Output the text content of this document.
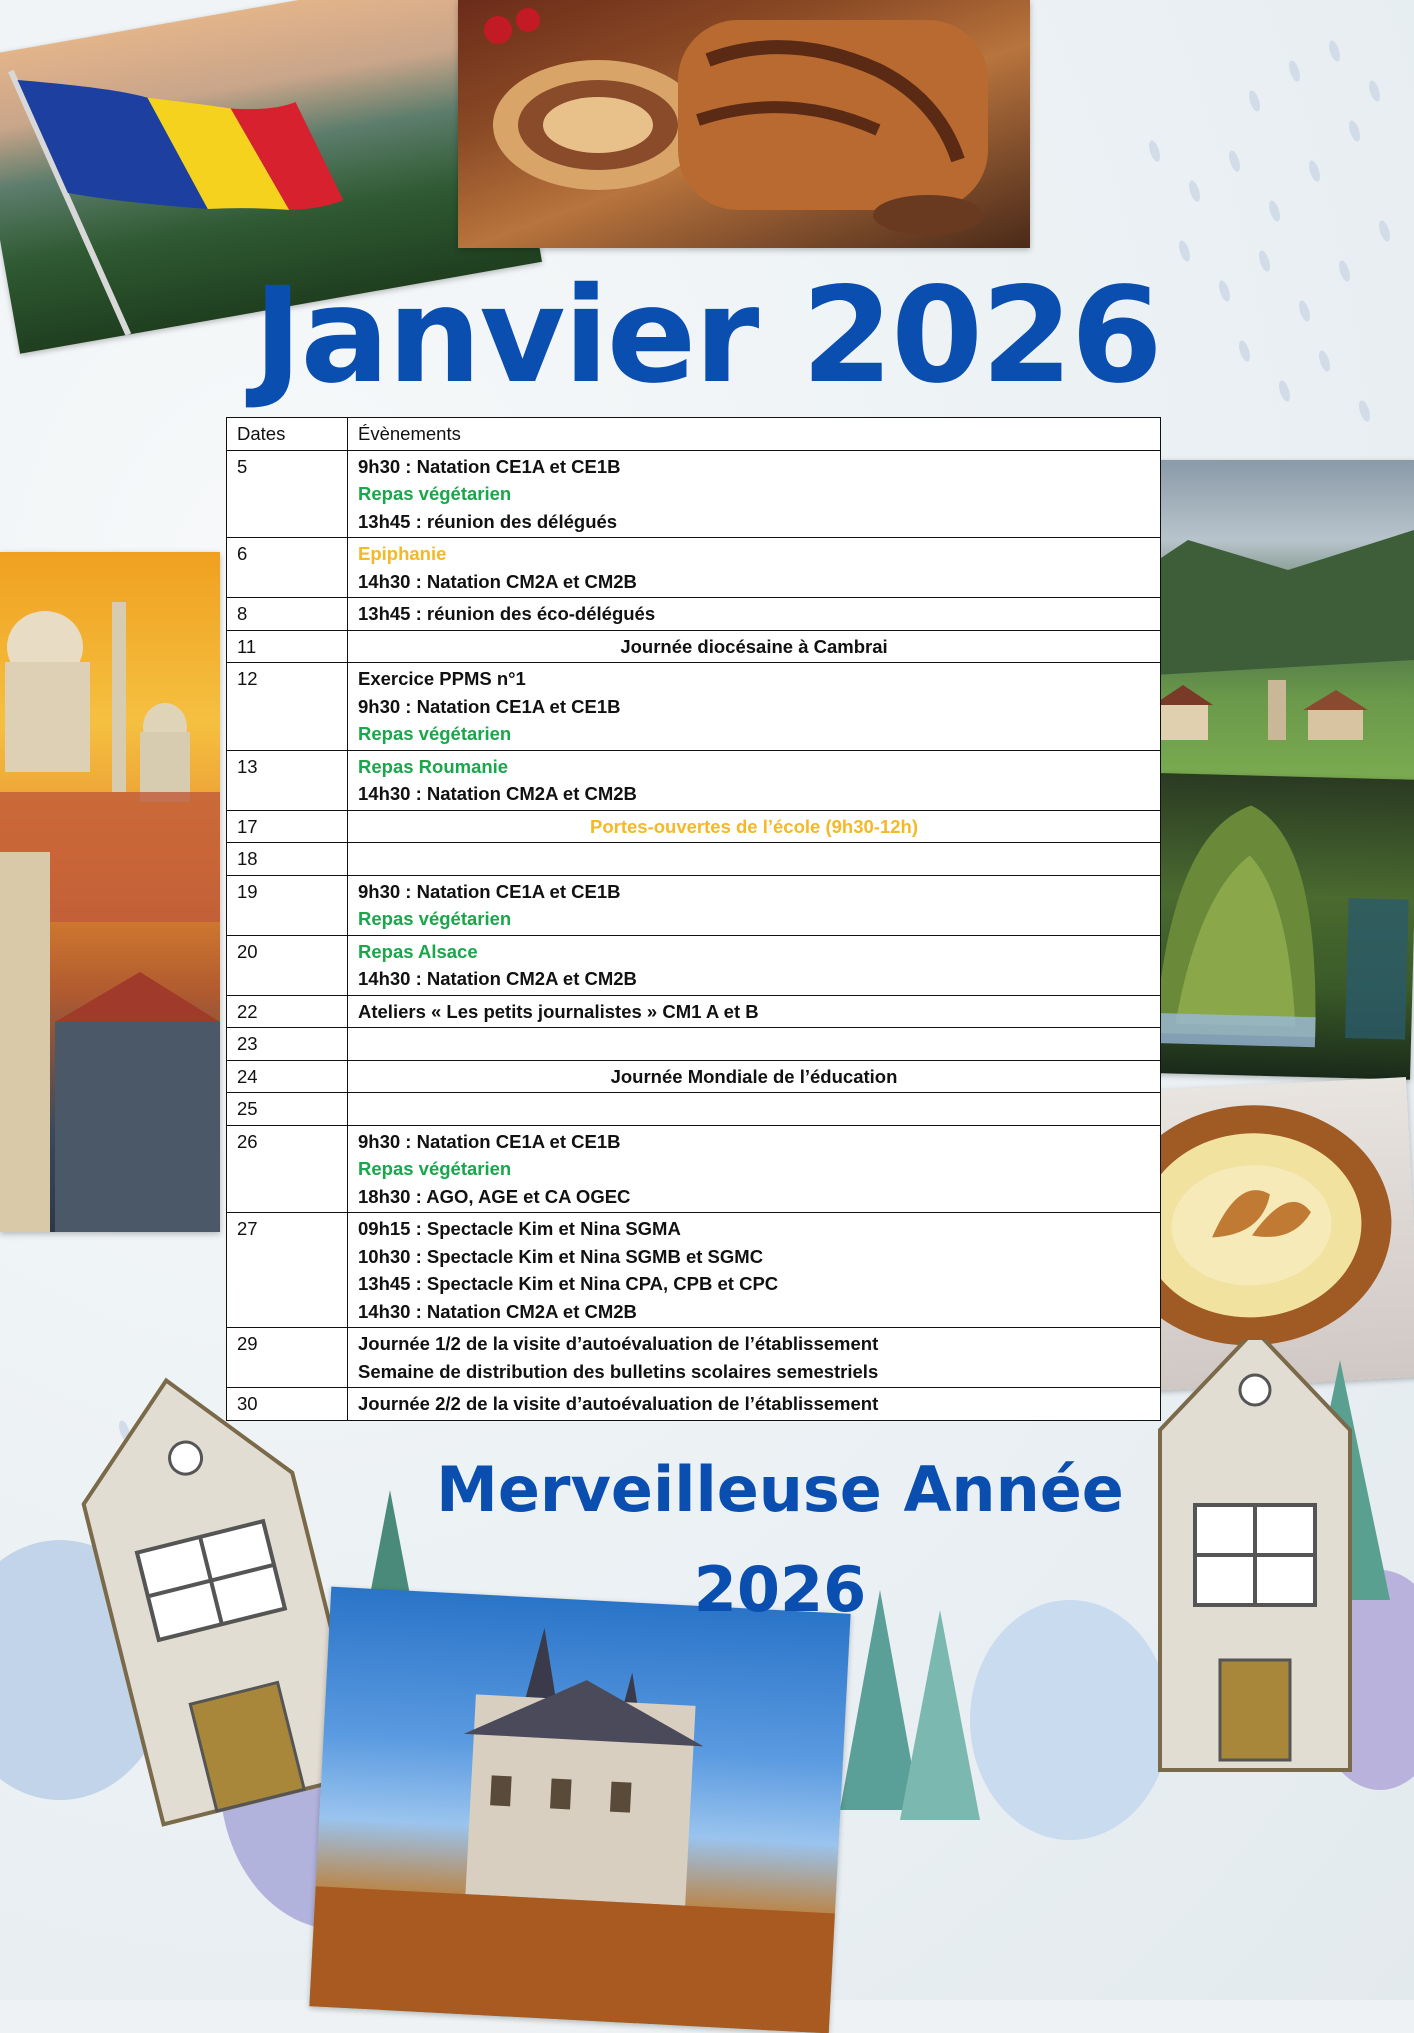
Janvier 2026
Dates	Évènements
5	9h30 : Natation CE1A et CE1B
Repas végétarien
13h45 : réunion des délégués

6	Epiphanie
14h30 : Natation CM2A et CM2B

8	13h45 : réunion des éco-délégués

11	Journée diocésaine à Cambrai

12	Exercice PPMS n°1
9h30 : Natation CE1A et CE1B
Repas végétarien

13	Repas Roumanie
14h30 : Natation CM2A et CM2B

17	Portes-ouvertes de l’école (9h30-12h)

18	
19	9h30 : Natation CE1A et CE1B
Repas végétarien

20	Repas Alsace
14h30 : Natation CM2A et CM2B

22	Ateliers « Les petits journalistes » CM1 A et B

23	
24	Journée Mondiale de l’éducation

25	
26	9h30 : Natation CE1A et CE1B
Repas végétarien
18h30 : AGO, AGE et CA OGEC

27	09h15 : Spectacle Kim et Nina SGMA
10h30 : Spectacle Kim et Nina SGMB et SGMC
13h45 : Spectacle Kim et Nina CPA, CPB et CPC
14h30 : Natation CM2A et CM2B

29	Journée 1/2 de la visite d’autoévaluation de l’établissement
Semaine de distribution des bulletins scolaires semestriels

30	Journée 2/2 de la visite d’autoévaluation de l’établissement
Merveilleuse Année
2026
